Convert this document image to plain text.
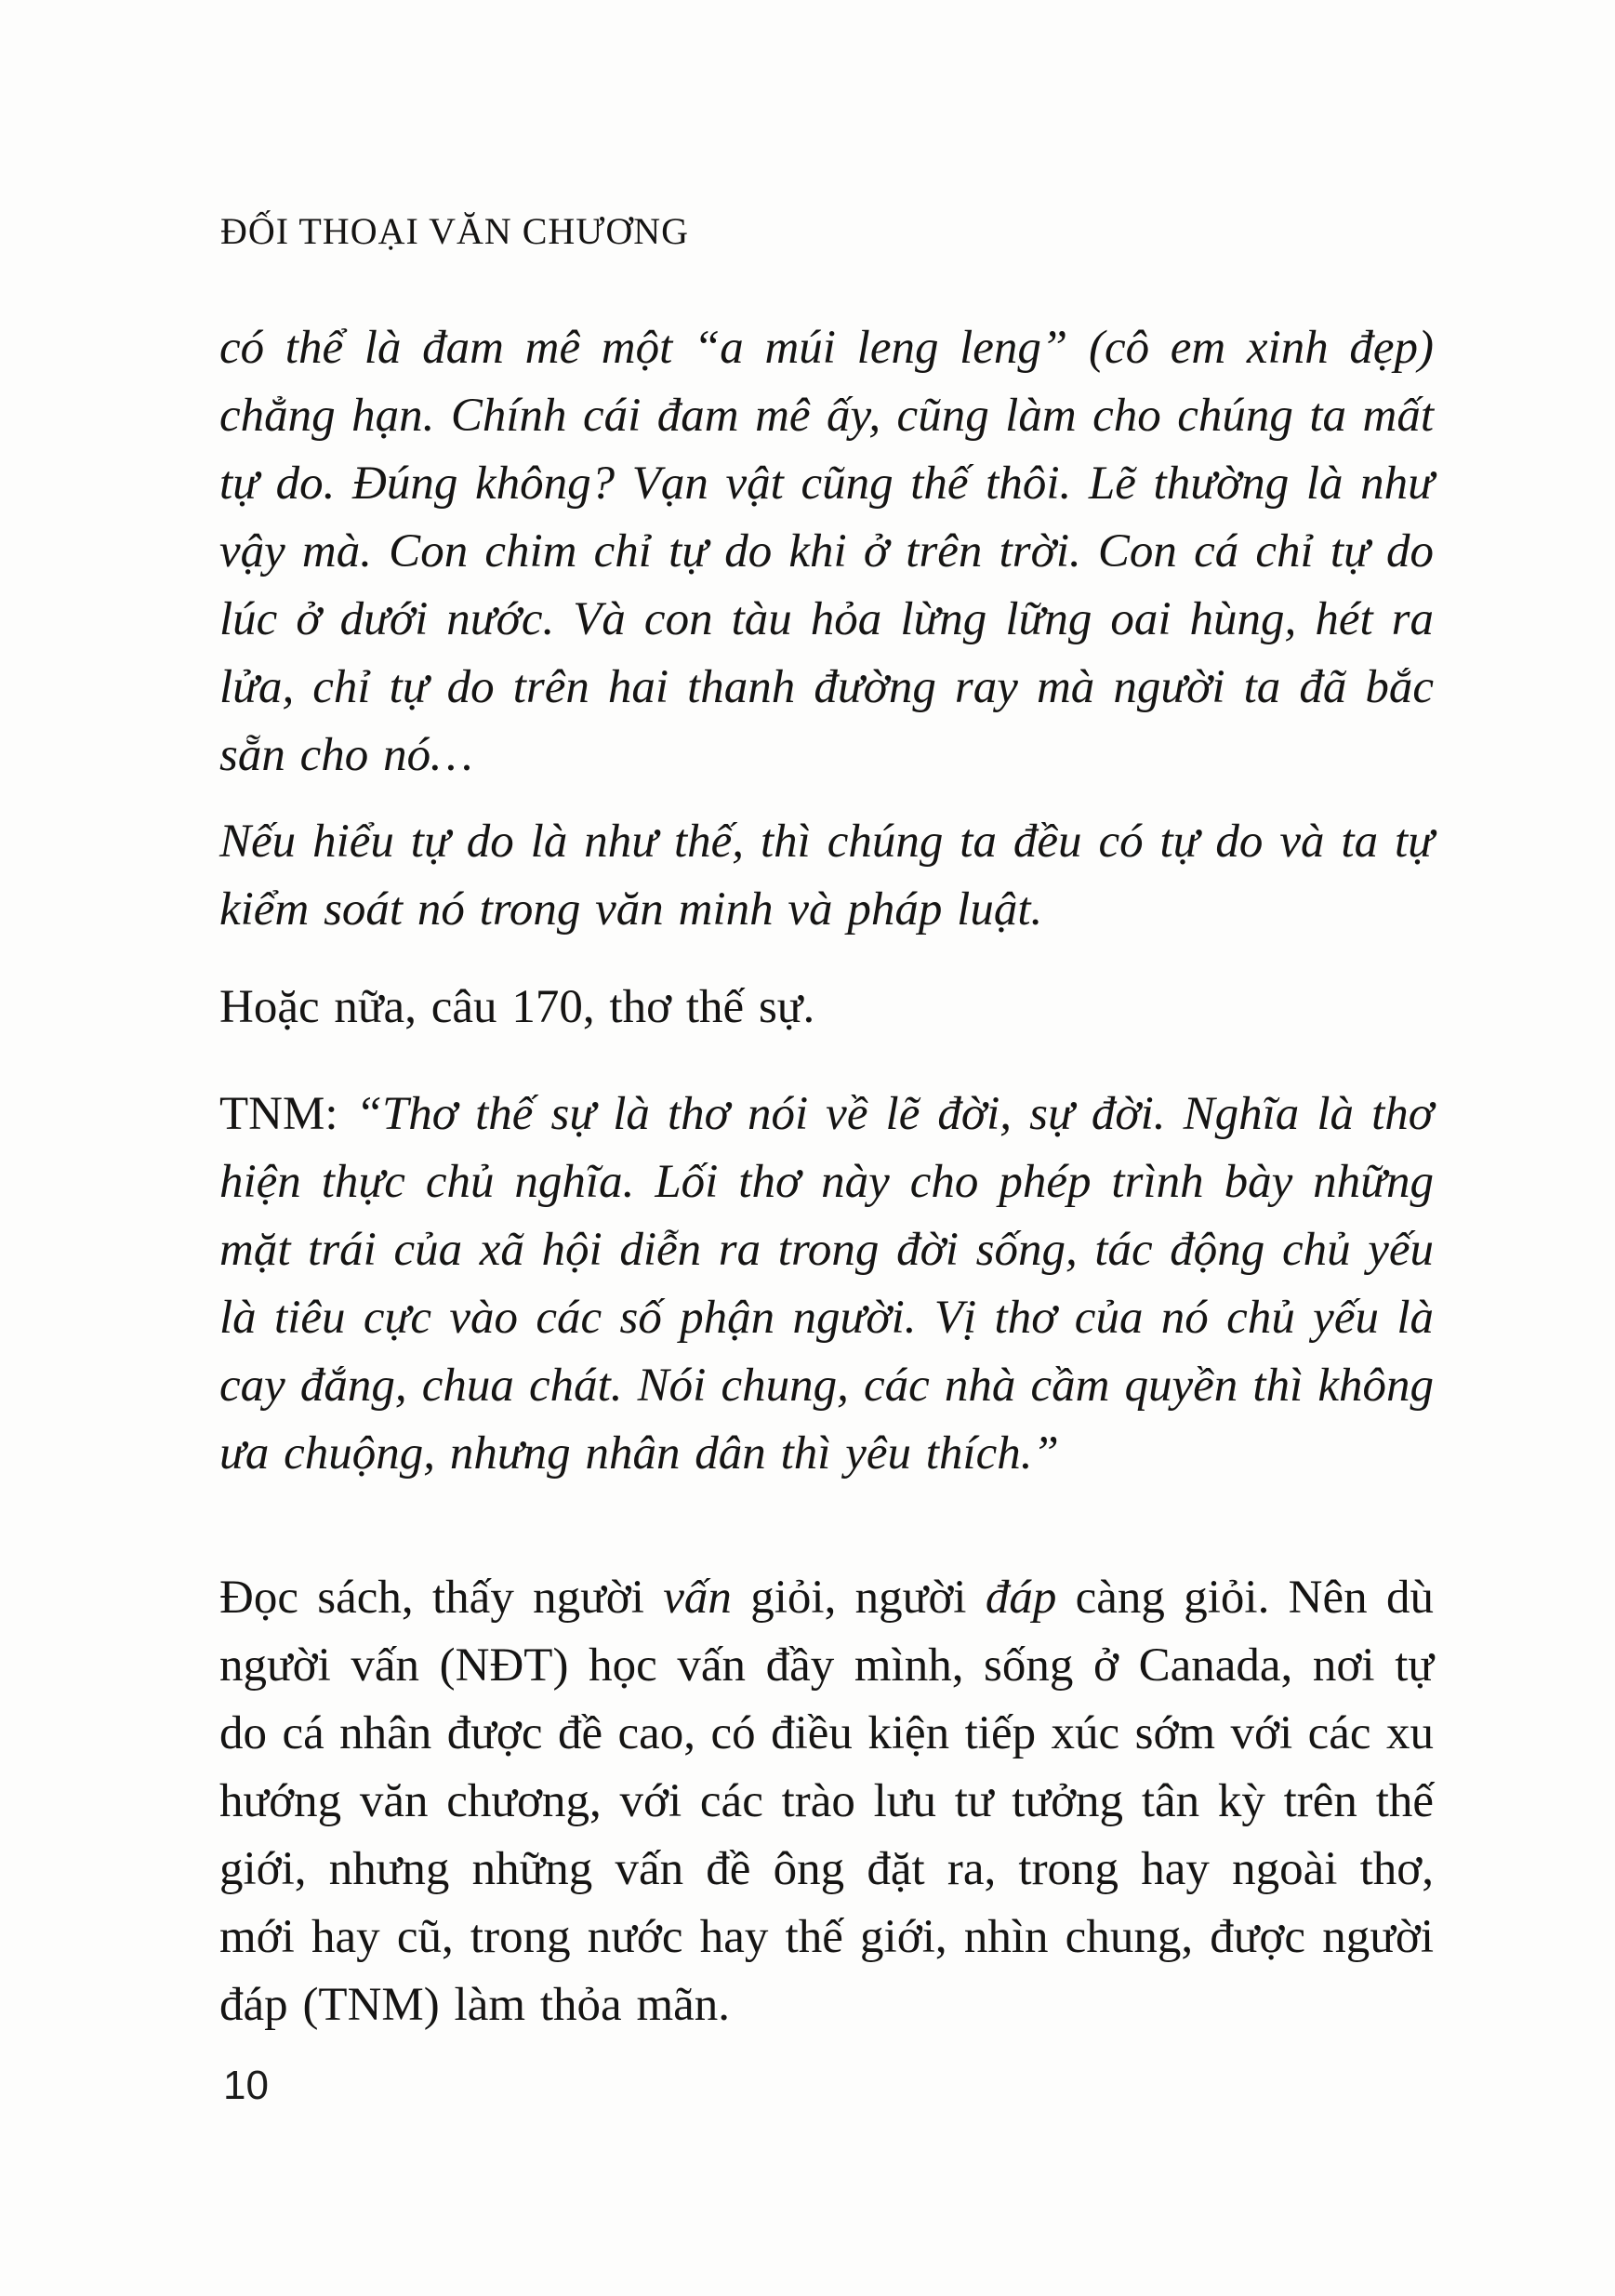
ĐỐI THOẠI VĂN CHƯƠNG

có thể là đam mê một “a múi leng leng” (cô em xinh đẹp) chẳng hạn. Chính cái đam mê ấy, cũng làm cho chúng ta mất tự do. Đúng không? Vạn vật cũng thế thôi. Lẽ thường là như vậy mà. Con chim chỉ tự do khi ở trên trời. Con cá chỉ tự do lúc ở dưới nước. Và con tàu hỏa lừng lững oai hùng, hét ra lửa, chỉ tự do trên hai thanh đường ray mà người ta đã bắc sẵn cho nó…

Nếu hiểu tự do là như thế, thì chúng ta đều có tự do và ta tự kiểm soát nó trong văn minh và pháp luật.

Hoặc nữa, câu 170, thơ thế sự.

TNM: “Thơ thế sự là thơ nói về lẽ đời, sự đời. Nghĩa là thơ hiện thực chủ nghĩa. Lối thơ này cho phép trình bày những mặt trái của xã hội diễn ra trong đời sống, tác động chủ yếu là tiêu cực vào các số phận người. Vị thơ của nó chủ yếu là cay đắng, chua chát. Nói chung, các nhà cầm quyền thì không ưa chuộng, nhưng nhân dân thì yêu thích.”

Đọc sách, thấy người vấn giỏi, người đáp càng giỏi. Nên dù người vấn (NĐT) học vấn đầy mình, sống ở Canada, nơi tự do cá nhân được đề cao, có điều kiện tiếp xúc sớm với các xu hướng văn chương, với các trào lưu tư tưởng tân kỳ trên thế giới, nhưng những vấn đề ông đặt ra, trong hay ngoài thơ, mới hay cũ, trong nước hay thế giới, nhìn chung, được người đáp (TNM) làm thỏa mãn.

10
